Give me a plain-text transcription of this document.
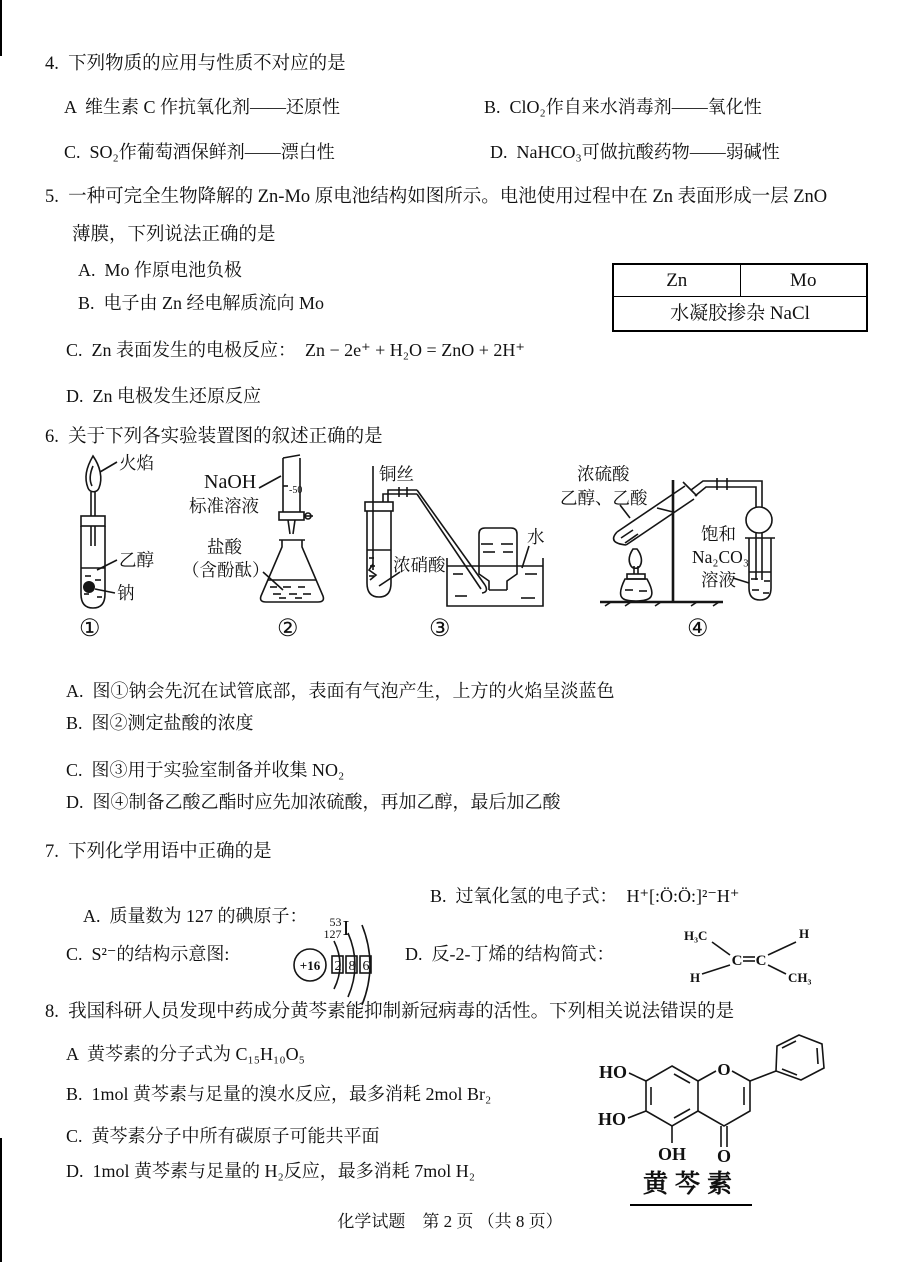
4.  下列物质的应用与性质不对应的是
A  维生素 C 作抗氧化剂——还原性	B.  ClO₂作自来水消毒剂——氧化性
C.  SO₂作葡萄酒保鲜剂——漂白性	D.  NaHCO₃可做抗酸药物——弱碱性
5.  一种可完全生物降解的 Zn-Mo 原电池结构如图所示。电池使用过程中在 Zn 表面形成一层 ZnO
薄膜，下列说法正确的是
A.  Mo 作原电池负极
B.  电子由 Zn 经电解质流向 Mo
Zn	Mo
水凝胶掺杂 NaCl
C.  Zn 表面发生的电极反应：  Zn − 2e⁺ + H₂O = ZnO + 2H⁺
D.  Zn 电极发生还原反应
6.  关于下列各实验装置图的叙述正确的是
-50
火焰
乙醇
钠
NaOH
标准溶液
盐酸
（含酚酞）
铜丝
浓硝酸
水
浓硫酸
乙醇、乙酸
饱和
Na₂CO₃
溶液
①	②	③	④
A.  图①钠会先沉在试管底部，表面有气泡产生，上方的火焰呈淡蓝色
B.  图②测定盐酸的浓度
C.  图③用于实验室制备并收集 NO₂
D.  图④制备乙酸乙酯时应先加浓硫酸，再加乙醇，最后加乙酸
7.  下列化学用语中正确的是

A.  质量数为 127 的碘原子： 53
127 I

B.  过氧化氢的电子式：  H⁺[:Ö:Ö:]²⁻H⁺
C.  S²⁻的结构示意图:
+16 2 8 6
D.  反-2-丁烯的结构简式：
H₃C	H
H	CH₃
C C
8.  我国科研人员发现中药成分黄芩素能抑制新冠病毒的活性。下列相关说法错误的是
A  黄芩素的分子式为 C₁₅H₁₀O₅
B.  1mol 黄芩素与足量的溴水反应，最多消耗 2mol Br₂
C.  黄芩素分子中所有碳原子可能共平面
D.  1mol 黄芩素与足量的 H₂反应，最多消耗 7mol H₂
O
HO
HO
OH O
黄芩素
化学试题　第 2 页 （共 8 页）
